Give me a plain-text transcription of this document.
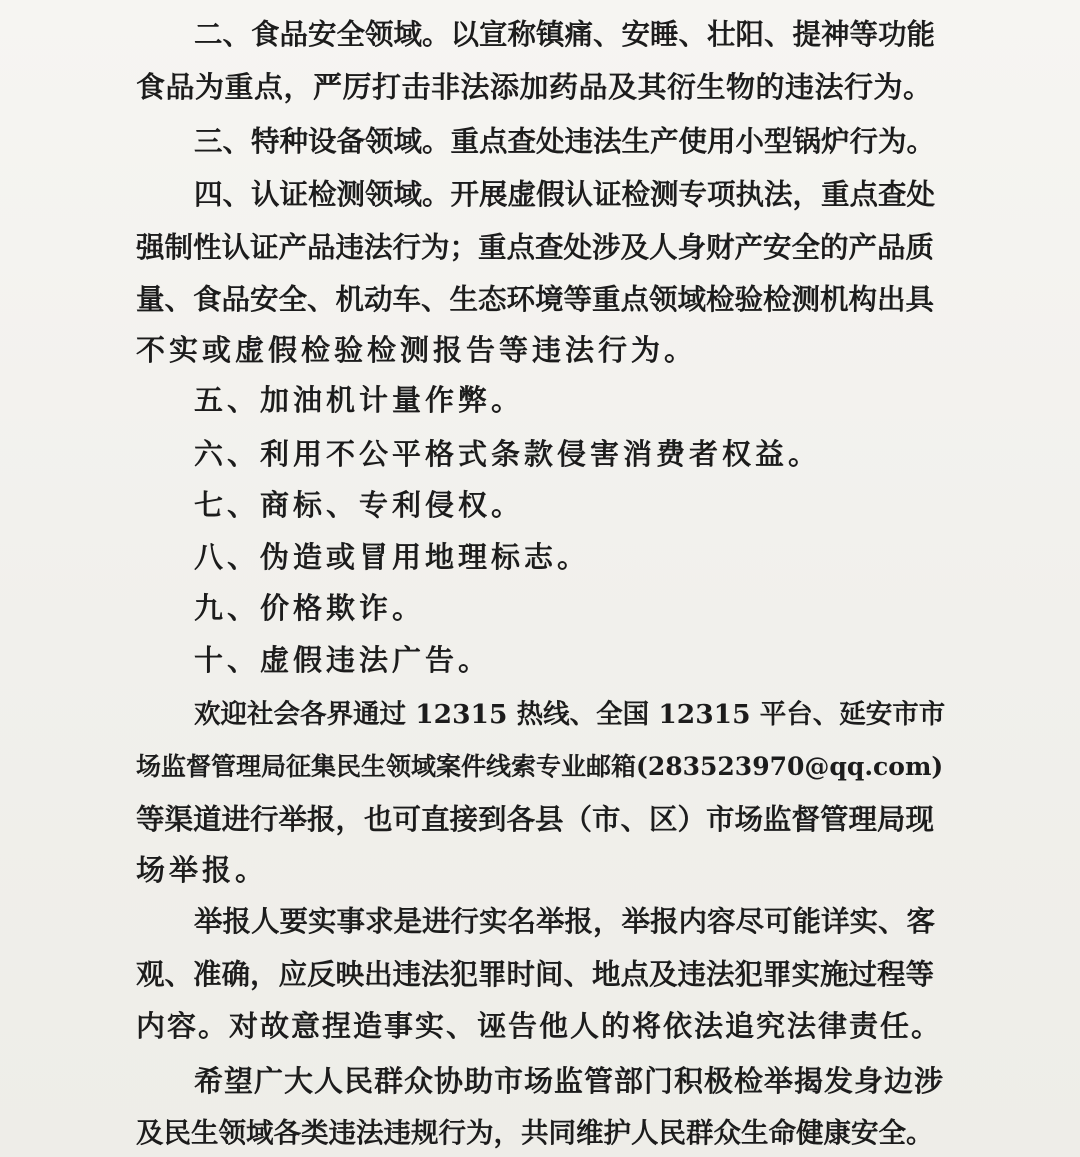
二、食品安全领域。以宣称镇痛、安睡、壮阳、提神等功能
食品为重点，严厉打击非法添加药品及其衍生物的违法行为。
三、特种设备领域。重点查处违法生产使用小型锅炉行为。
四、认证检测领域。开展虚假认证检测专项执法，重点查处
强制性认证产品违法行为；重点查处涉及人身财产安全的产品质
量、食品安全、机动车、生态环境等重点领域检验检测机构出具
不实或虚假检验检测报告等违法行为。
五、加油机计量作弊。
六、利用不公平格式条款侵害消费者权益。
七、商标、专利侵权。
八、伪造或冒用地理标志。
九、价格欺诈。
十、虚假违法广告。
欢迎社会各界通过 12315 热线、全国 12315 平台、延安市市
场监督管理局征集民生领域案件线索专业邮箱(283523970@qq.com)
等渠道进行举报，也可直接到各县（市、区）市场监督管理局现
场举报。
举报人要实事求是进行实名举报，举报内容尽可能详实、客
观、准确，应反映出违法犯罪时间、地点及违法犯罪实施过程等
内容。对故意捏造事实、诬告他人的将依法追究法律责任。
希望广大人民群众协助市场监管部门积极检举揭发身边涉
及民生领域各类违法违规行为，共同维护人民群众生命健康安全。
